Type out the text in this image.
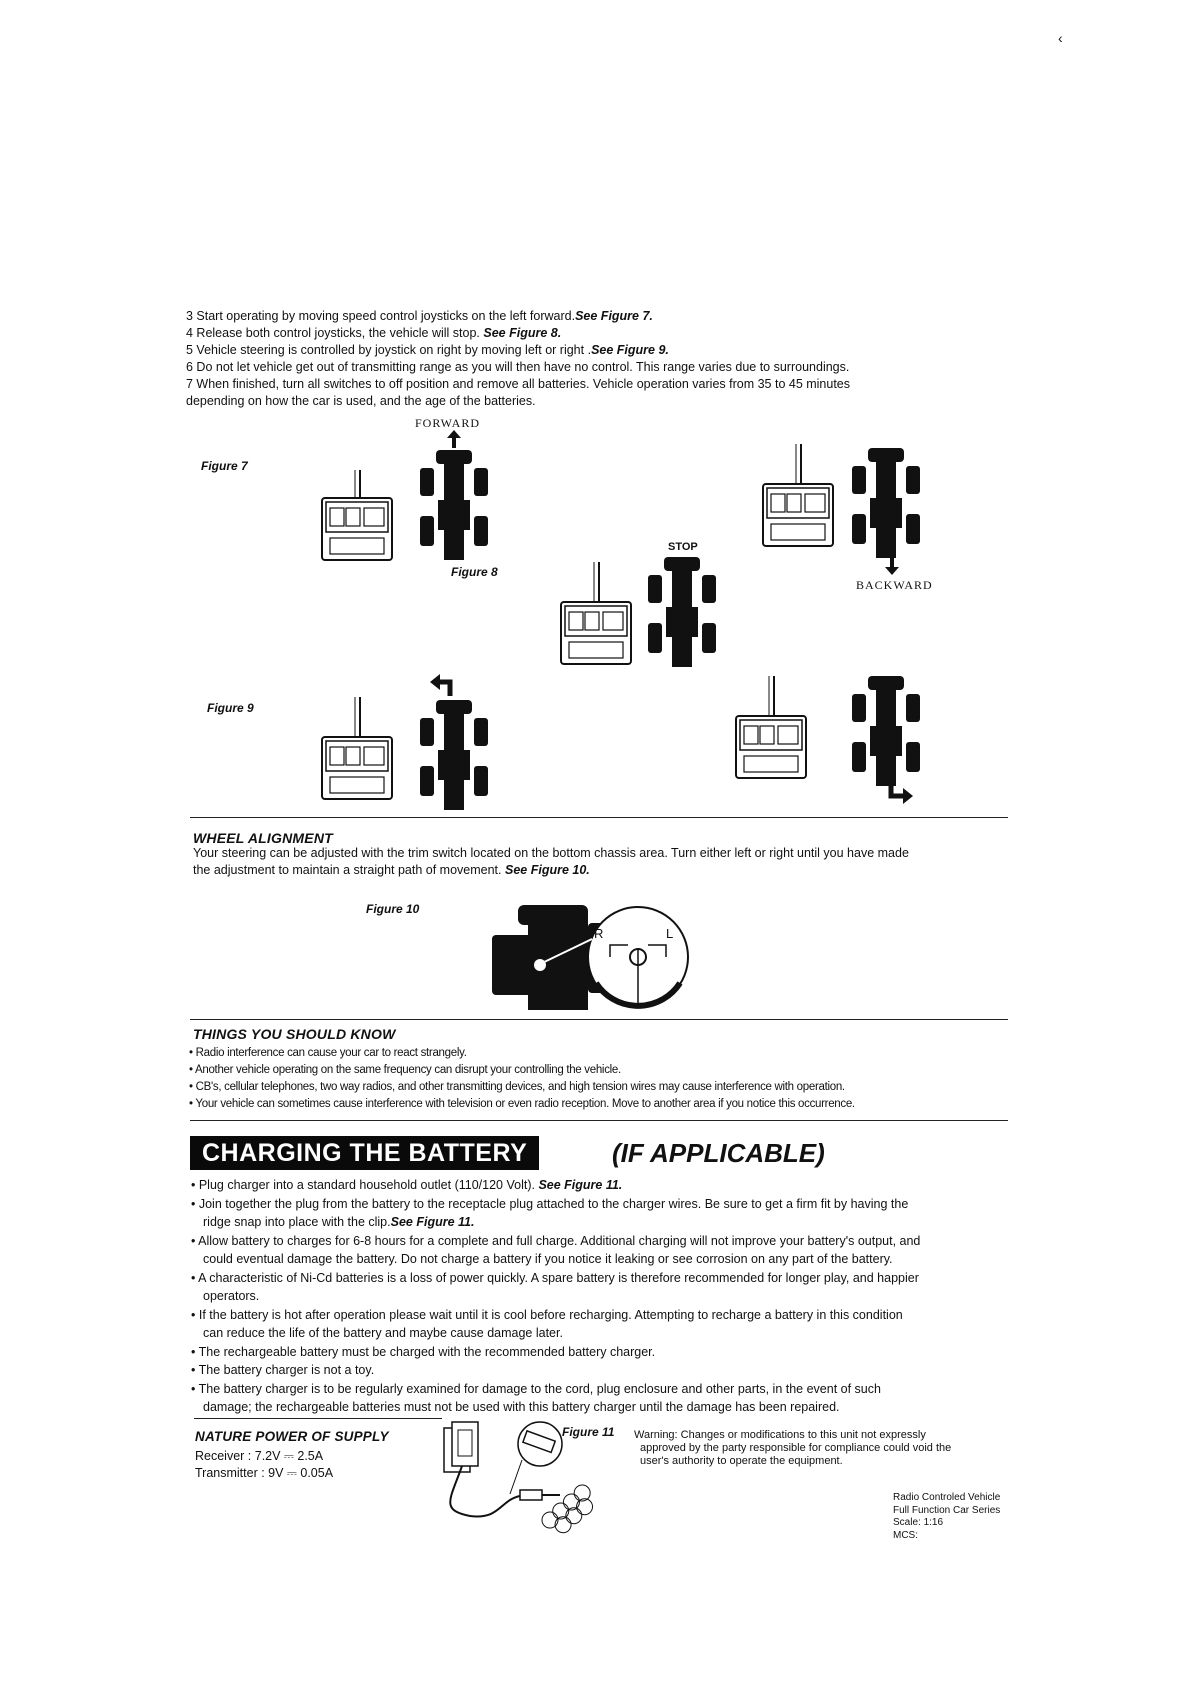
‹
3 Start operating by moving speed control joysticks on the left forward.See Figure 7.
4 Release both control joysticks, the vehicle will stop. See Figure 8.
5 Vehicle steering is controlled by joystick on right by moving left or right .See Figure 9.
6 Do not let vehicle get out of transmitting range as you will then have no control. This range varies due to surroundings.
7 When finished, turn all switches to off position and remove all batteries. Vehicle operation varies from 35 to 45 minutes
depending on how the car is used, and the age of the batteries.
FORWARD
Figure 7
Figure 8
STOP
BACKWARD
Figure 9
WHEEL ALIGNMENT
Your steering can be adjusted with the trim switch located on the bottom chassis area. Turn either left or right until you have made
the adjustment to maintain a straight path of movement. See Figure 10.
Figure 10
R	L
THINGS YOU SHOULD KNOW
• Radio interference can cause your car to react strangely.
• Another vehicle operating on the same frequency can disrupt your controlling the vehicle.
• CB's, cellular telephones, two way radios, and other transmitting devices, and high tension wires may cause interference with operation.
• Your vehicle can sometimes cause interference with television or even radio reception. Move to another area if you notice this occurrence.
CHARGING THE BATTERY	(IF APPLICABLE)
• Plug charger into a standard household outlet (110/120 Volt). See Figure 11.
• Join together the plug from the battery to the receptacle plug attached to the charger wires. Be sure to get a firm fit by having the
ridge snap into place with the clip.See Figure 11.
• Allow battery to charges for 6-8 hours for a complete and full charge. Additional charging will not improve your battery's output, and
could eventual damage the battery. Do not charge a battery if you notice it leaking or see corrosion on any part of the battery.
• A characteristic of Ni-Cd batteries is a loss of power quickly. A spare battery is therefore recommended for longer play, and happier
operators.
• If the battery is hot after operation please wait until it is cool before recharging. Attempting to recharge a battery in this condition
can reduce the life of the battery and maybe cause damage later.
• The rechargeable battery must be charged with the recommended battery charger.
• The battery charger is not a toy.
• The battery charger is to be regularly examined for damage to the cord, plug enclosure and other parts, in the event of such
damage; the rechargeable batteries must not be used with this battery charger until the damage has been repaired.
NATURE POWER OF SUPPLY
Receiver : 7.2V ⎓ 2.5A
Transmitter : 9V ⎓ 0.05A
Figure 11 Warning: Changes or modifications to this unit not expressly
approved by the party responsible for compliance could void the
user's authority to operate the equipment.
Radio Controled Vehicle
Full Function Car Series
Scale: 1:16
MCS:
